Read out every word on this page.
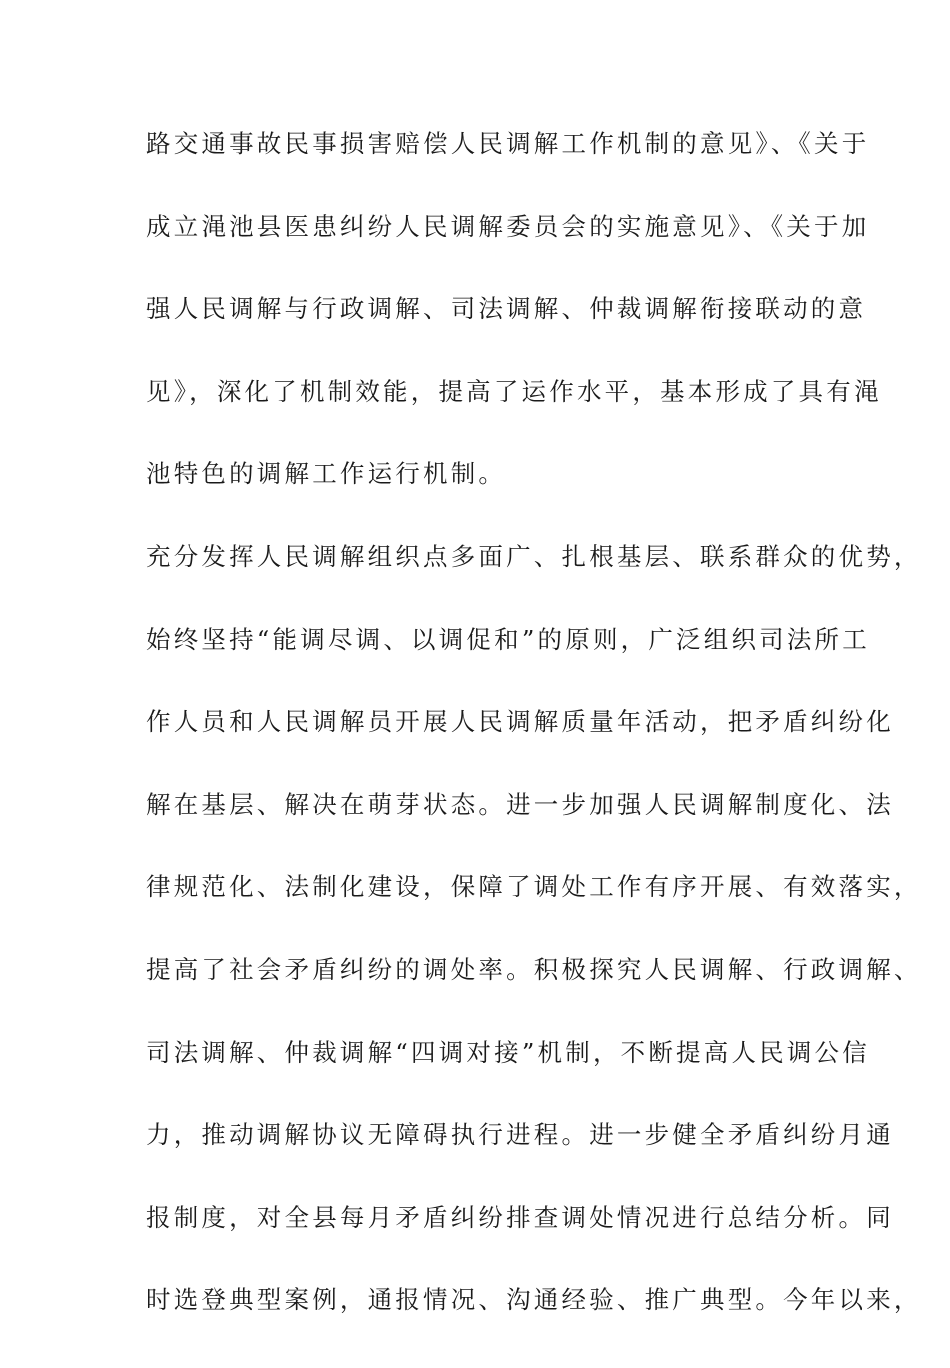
路交通事故民事损害赔偿人民调解工作机制的意见》、《关于
成立渑池县医患纠纷人民调解委员会的实施意见》、《关于加
强人民调解与行政调解、司法调解、仲裁调解衔接联动的意
见》，深化了机制效能，提高了运作水平，基本形成了具有渑
池特色的调解工作运行机制。
充分发挥人民调解组织点多面广、扎根基层、联系群众的优势，
始终坚持“能调尽调、以调促和”的原则，广泛组织司法所工
作人员和人民调解员开展人民调解质量年活动，把矛盾纠纷化
解在基层、解决在萌芽状态。进一步加强人民调解制度化、法
律规范化、法制化建设，保障了调处工作有序开展、有效落实，
提高了社会矛盾纠纷的调处率。积极探究人民调解、行政调解、
司法调解、仲裁调解“四调对接”机制，不断提高人民调公信
力，推动调解协议无障碍执行进程。进一步健全矛盾纠纷月通
报制度，对全县每月矛盾纠纷排查调处情况进行总结分析。同
时选登典型案例，通报情况、沟通经验、推广典型。今年以来，
